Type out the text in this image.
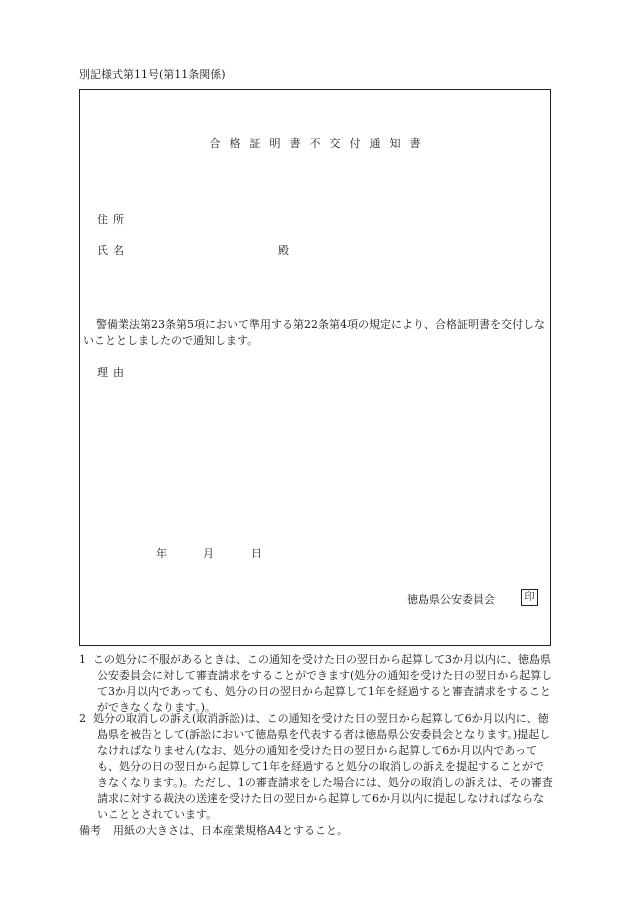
別記様式第11号(第11条関係)
合格証明書不交付通知書
住所
氏名	殿
警備業法第23条第5項において準用する第22条第4項の規定により、合格証明書を交付しないこととしましたので通知します。
理由
年	月	日
徳島県公安委員会	印
1 この処分に不服があるときは、この通知を受けた日の翌日から起算して3か月以内に、徳島県公安委員会に対して審査請求をすることができます(処分の通知を受けた日の翌日から起算して3か月以内であっても、処分の日の翌日から起算して1年を経過すると審査請求をすることができなくなります。)。
2 処分の取消しの訴え(取消訴訟)は、この通知を受けた日の翌日から起算して6か月以内に、徳島県を被告として(訴訟において徳島県を代表する者は徳島県公安委員会となります。)提起しなければなりません(なお、処分の通知を受けた日の翌日から起算して6か月以内であっても、処分の日の翌日から起算して1年を経過すると処分の取消しの訴えを提起することができなくなります。)。ただし、1の審査請求をした場合には、処分の取消しの訴えは、その審査請求に対する裁決の送達を受けた日の翌日から起算して6か月以内に提起しなければならないこととされています。
備考 用紙の大きさは、日本産業規格A4とすること。
